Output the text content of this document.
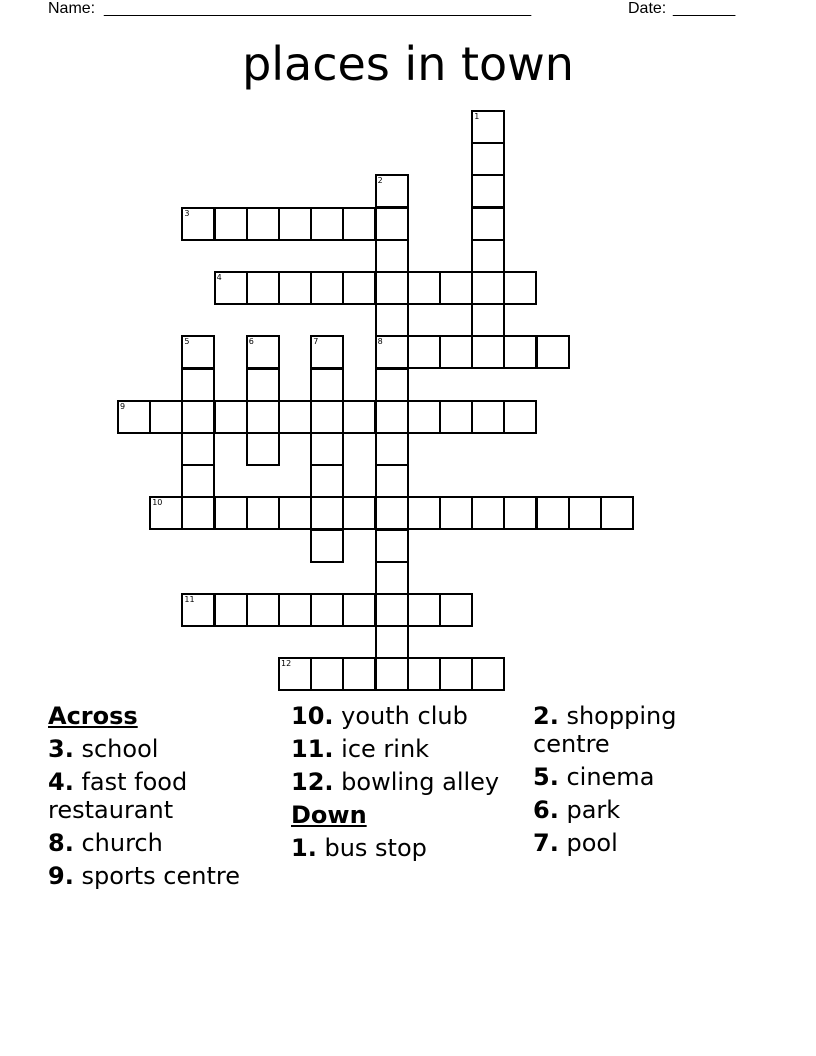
Name: ________________________________________________	Date: _______
places in town
1
2
8
3
4
5	6	7
9
10
11
12
Across
3. school
4. fast food restaurant
8. church
9. sports centre
10. youth club
11. ice rink
12. bowling alley
Down
1. bus stop
2. shopping centre
5. cinema
6. park
7. pool
